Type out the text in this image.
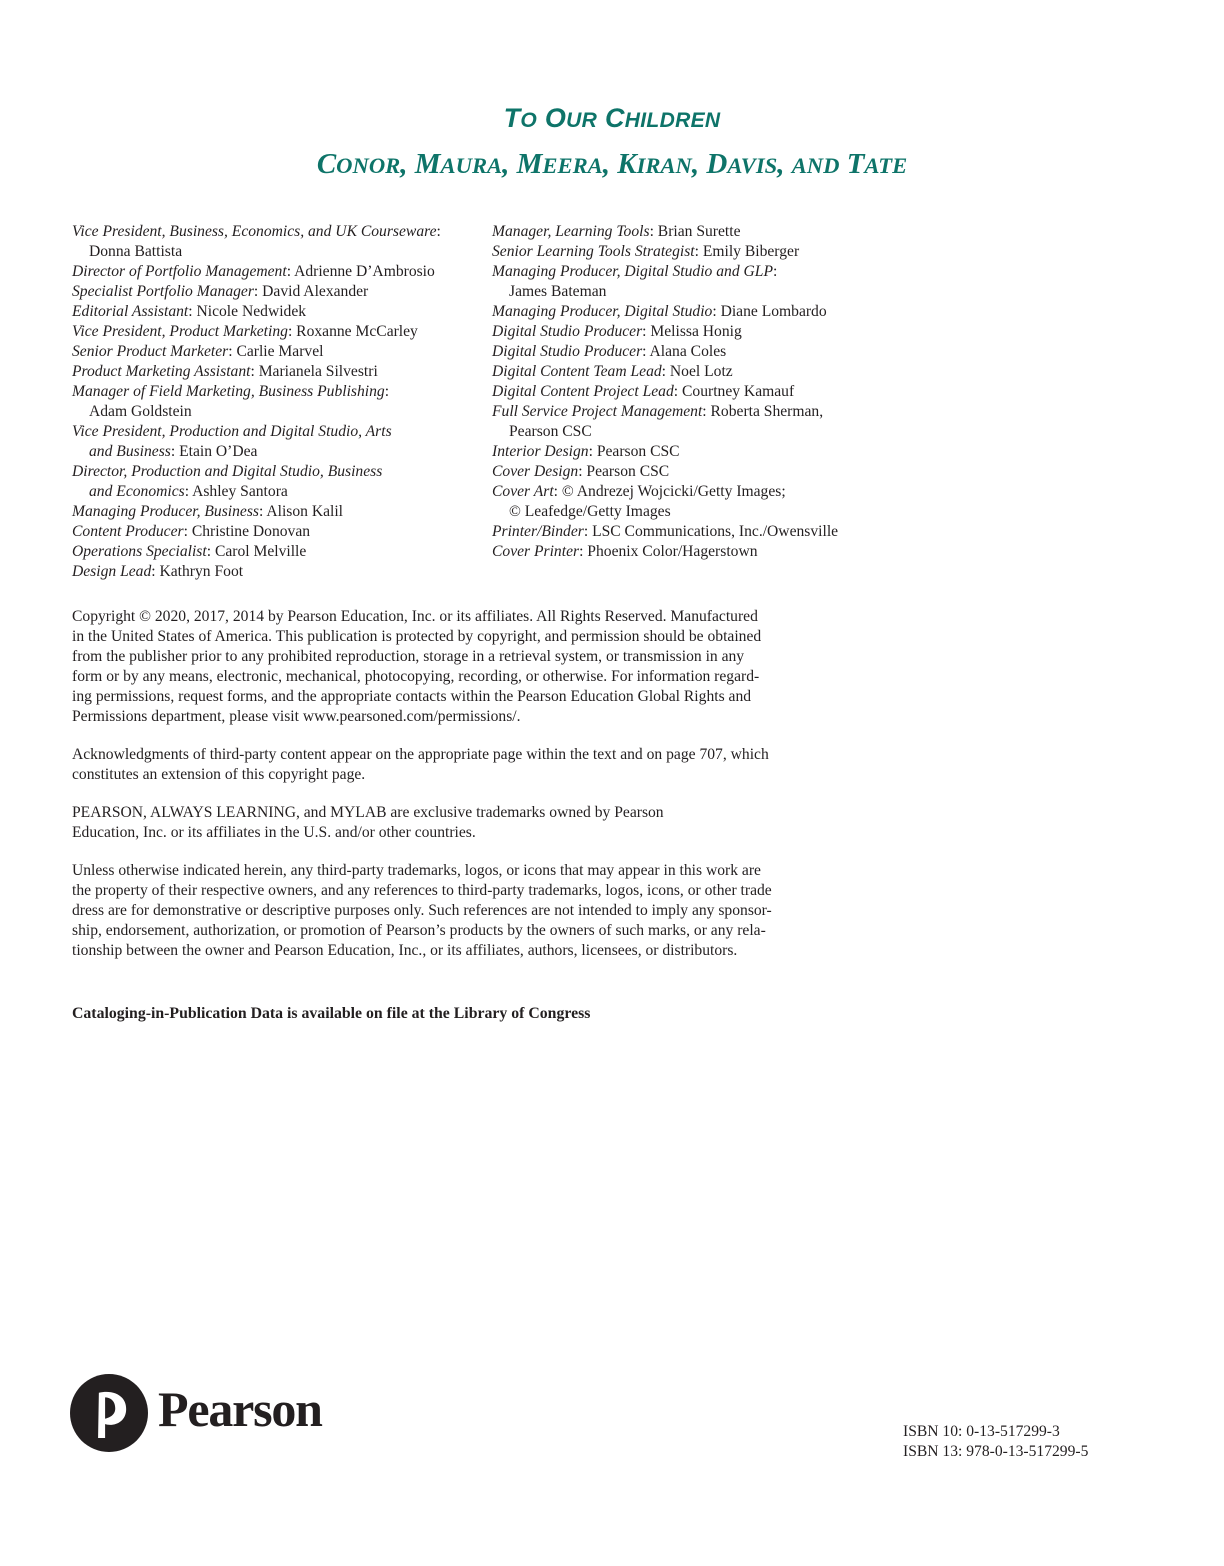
TO OUR CHILDREN
CONOR, MAURA, MEERA, KIRAN, DAVIS, AND TATE
Vice President, Business, Economics, and UK Courseware:
Donna Battista
Director of Portfolio Management: Adrienne D’Ambrosio
Specialist Portfolio Manager: David Alexander
Editorial Assistant: Nicole Nedwidek
Vice President, Product Marketing: Roxanne McCarley
Senior Product Marketer: Carlie Marvel
Product Marketing Assistant: Marianela Silvestri
Manager of Field Marketing, Business Publishing:
Adam Goldstein
Vice President, Production and Digital Studio, Arts
and Business: Etain O’Dea
Director, Production and Digital Studio, Business
and Economics: Ashley Santora
Managing Producer, Business: Alison Kalil
Content Producer: Christine Donovan
Operations Specialist: Carol Melville
Design Lead: Kathryn Foot
Manager, Learning Tools: Brian Surette
Senior Learning Tools Strategist: Emily Biberger
Managing Producer, Digital Studio and GLP:
James Bateman
Managing Producer, Digital Studio: Diane Lombardo
Digital Studio Producer: Melissa Honig
Digital Studio Producer: Alana Coles
Digital Content Team Lead: Noel Lotz
Digital Content Project Lead: Courtney Kamauf
Full Service Project Management: Roberta Sherman,
Pearson CSC
Interior Design: Pearson CSC
Cover Design: Pearson CSC
Cover Art: © Andrezej Wojcicki/Getty Images;
© Leafedge/Getty Images
Printer/Binder: LSC Communications, Inc./Owensville
Cover Printer: Phoenix Color/Hagerstown
Copyright © 2020, 2017, 2014 by Pearson Education, Inc. or its affiliates. All Rights Reserved. Manufactured
in the United States of America. This publication is protected by copyright, and permission should be obtained
from the publisher prior to any prohibited reproduction, storage in a retrieval system, or transmission in any
form or by any means, electronic, mechanical, photocopying, recording, or otherwise. For information regard-
ing permissions, request forms, and the appropriate contacts within the Pearson Education Global Rights and
Permissions department, please visit www.pearsoned.com/permissions/.
Acknowledgments of third-party content appear on the appropriate page within the text and on page 707, which
constitutes an extension of this copyright page.
PEARSON, ALWAYS LEARNING, and MYLAB are exclusive trademarks owned by Pearson
Education, Inc. or its affiliates in the U.S. and/or other countries.
Unless otherwise indicated herein, any third-party trademarks, logos, or icons that may appear in this work are
the property of their respective owners, and any references to third-party trademarks, logos, icons, or other trade
dress are for demonstrative or descriptive purposes only. Such references are not intended to imply any sponsor-
ship, endorsement, authorization, or promotion of Pearson’s products by the owners of such marks, or any rela-
tionship between the owner and Pearson Education, Inc., or its affiliates, authors, licensees, or distributors.
Cataloging-in-Publication Data is available on file at the Library of Congress
Pearson	ISBN 10: 0-13-517299-3
ISBN 13: 978-0-13-517299-5
